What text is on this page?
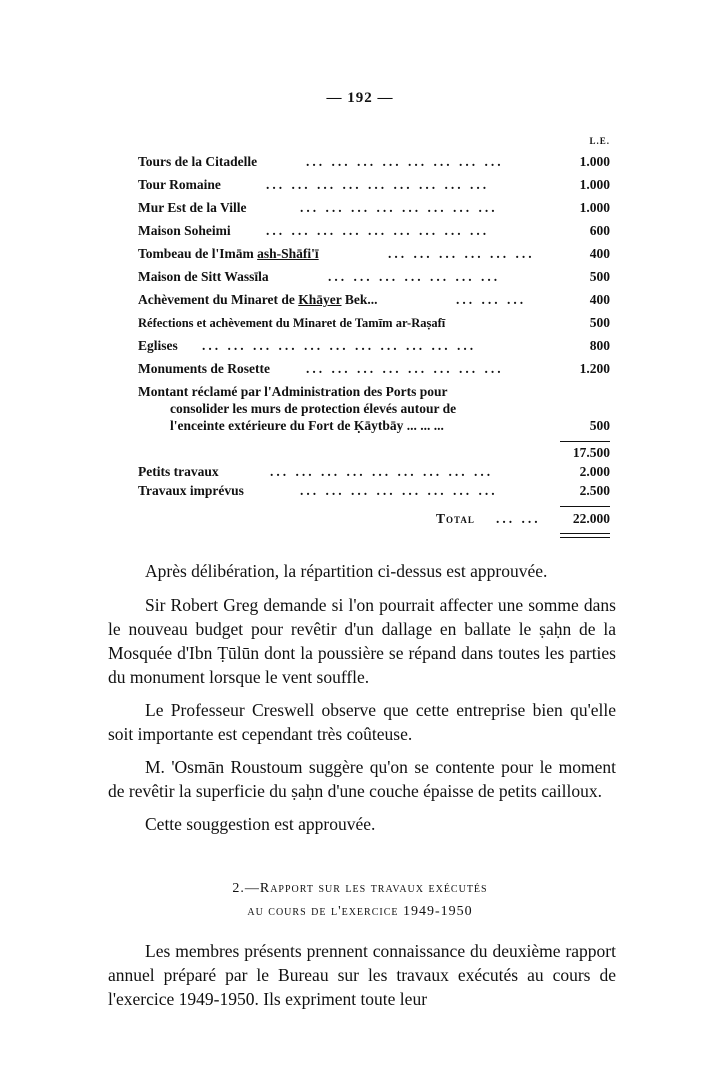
— 192 —
L.E.
Tours de la Citadelle	... ... ... ... ... ... ... ...	1.000
Tour Romaine	... ... ... ... ... ... ... ... ...	1.000
Mur Est de la Ville	... ... ... ... ... ... ... ...	1.000
Maison Soheimi	... ... ... ... ... ... ... ... ...	600
Tombeau de l'Imām ash-Shāfi'ī	... ... ... ... ... ...	400
Maison de Sitt Wassīla	... ... ... ... ... ... ...	500
Achèvement du Minaret de Khāyer Bek...	... ... ...	400
Réfections et achèvement du Minaret de Tamīm ar-Raṣafī	500
Eglises ... ... ... ... ... ... ... ... ... ... ...	800
Monuments de Rosette	... ... ... ... ... ... ... ...	1.200
Montant réclamé par l'Administration des Ports pour
consolider les murs de protection élevés autour de
l'enceinte extérieure du Fort de Ḳāytbāy ... ... ...	500
17.500
Petits travaux	... ... ... ... ... ... ... ... ...	2.000
Travaux imprévus	... ... ... ... ... ... ... ...	2.500
Total ... ...	22.000

Après délibération, la répartition ci-dessus est approuvée.

Sir Robert Greg demande si l'on pourrait affecter une somme dans le nouveau budget pour revêtir d'un dallage en ballate le ṣaḥn de la Mosquée d'Ibn Ṭūlūn dont la poussière se répand dans toutes les parties du monument lorsque le vent souffle.

Le Professeur Creswell observe que cette entreprise bien qu'elle soit importante est cependant très coûteuse.

M. 'Osmān Roustoum suggère qu'on se contente pour le moment de revêtir la superficie du ṣaḥn d'une couche épaisse de petits cailloux.

Cette souggestion est approuvée.

2.—Rapport sur les travaux exécutés
au cours de l'exercice 1949-1950

Les membres présents prennent connaissance du deuxième rapport annuel préparé par le Bureau sur les travaux exécutés au cours de l'exercice 1949-1950. Ils expriment toute leur
